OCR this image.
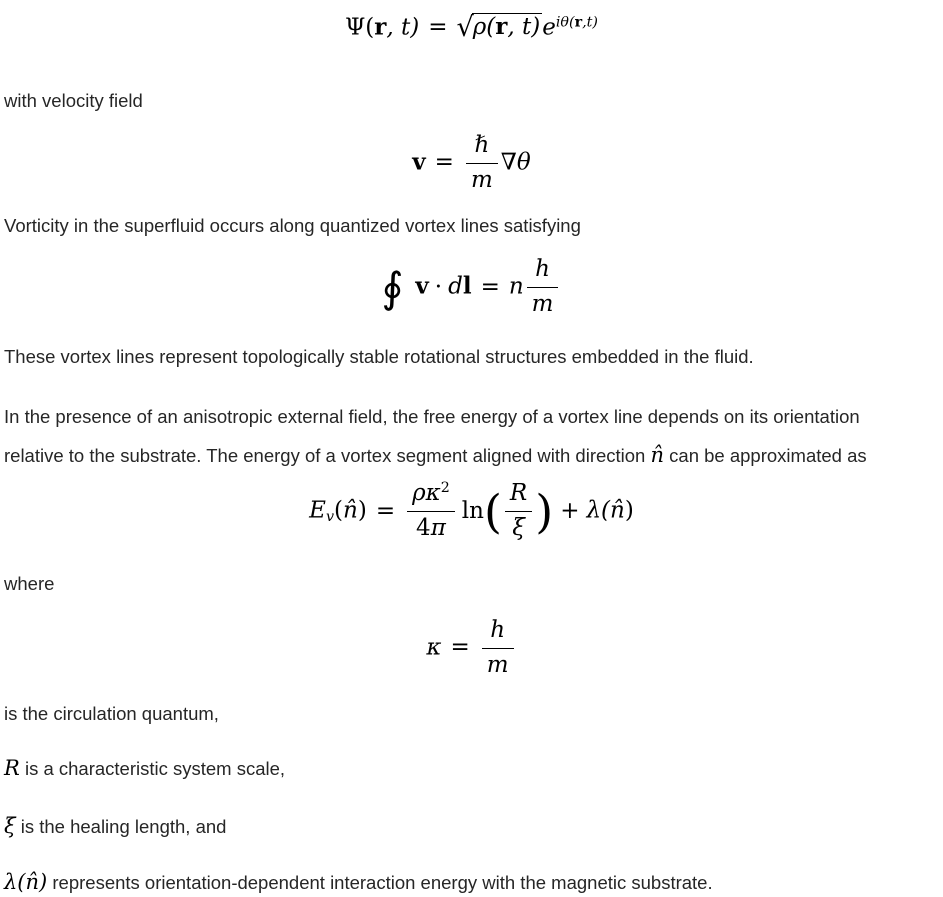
Ψ(r, t) = √ρ(r, $t)e^{i\theta(r,t)}$
with velocity field
$v = \frac{\text{ℏ}}{m} \nabla\theta$
Vorticity in the superfluid occurs along quantized vortex lines satisfying
∮ v · dl = n $\frac{h}{m}$
These vortex lines represent topologically stable rotational structures embedded in the fluid.
In the presence of an anisotropic external field, the free energy of a vortex line depends on its orientation
relative to the substrate. The energy of a vortex segment aligned with direction n̂ can be approximated as
Ev(n̂) = $\frac{\rho\kappa^2}{4\pi} \ln( \frac{R}{\xi}$ ) + λ(n̂)
where
$\kappa = \frac{h}{m}$
is the circulation quantum,
R is a characteristic system scale,
ξ is the healing length, and
λ(n̂) represents orientation-dependent interaction energy with the magnetic substrate.
